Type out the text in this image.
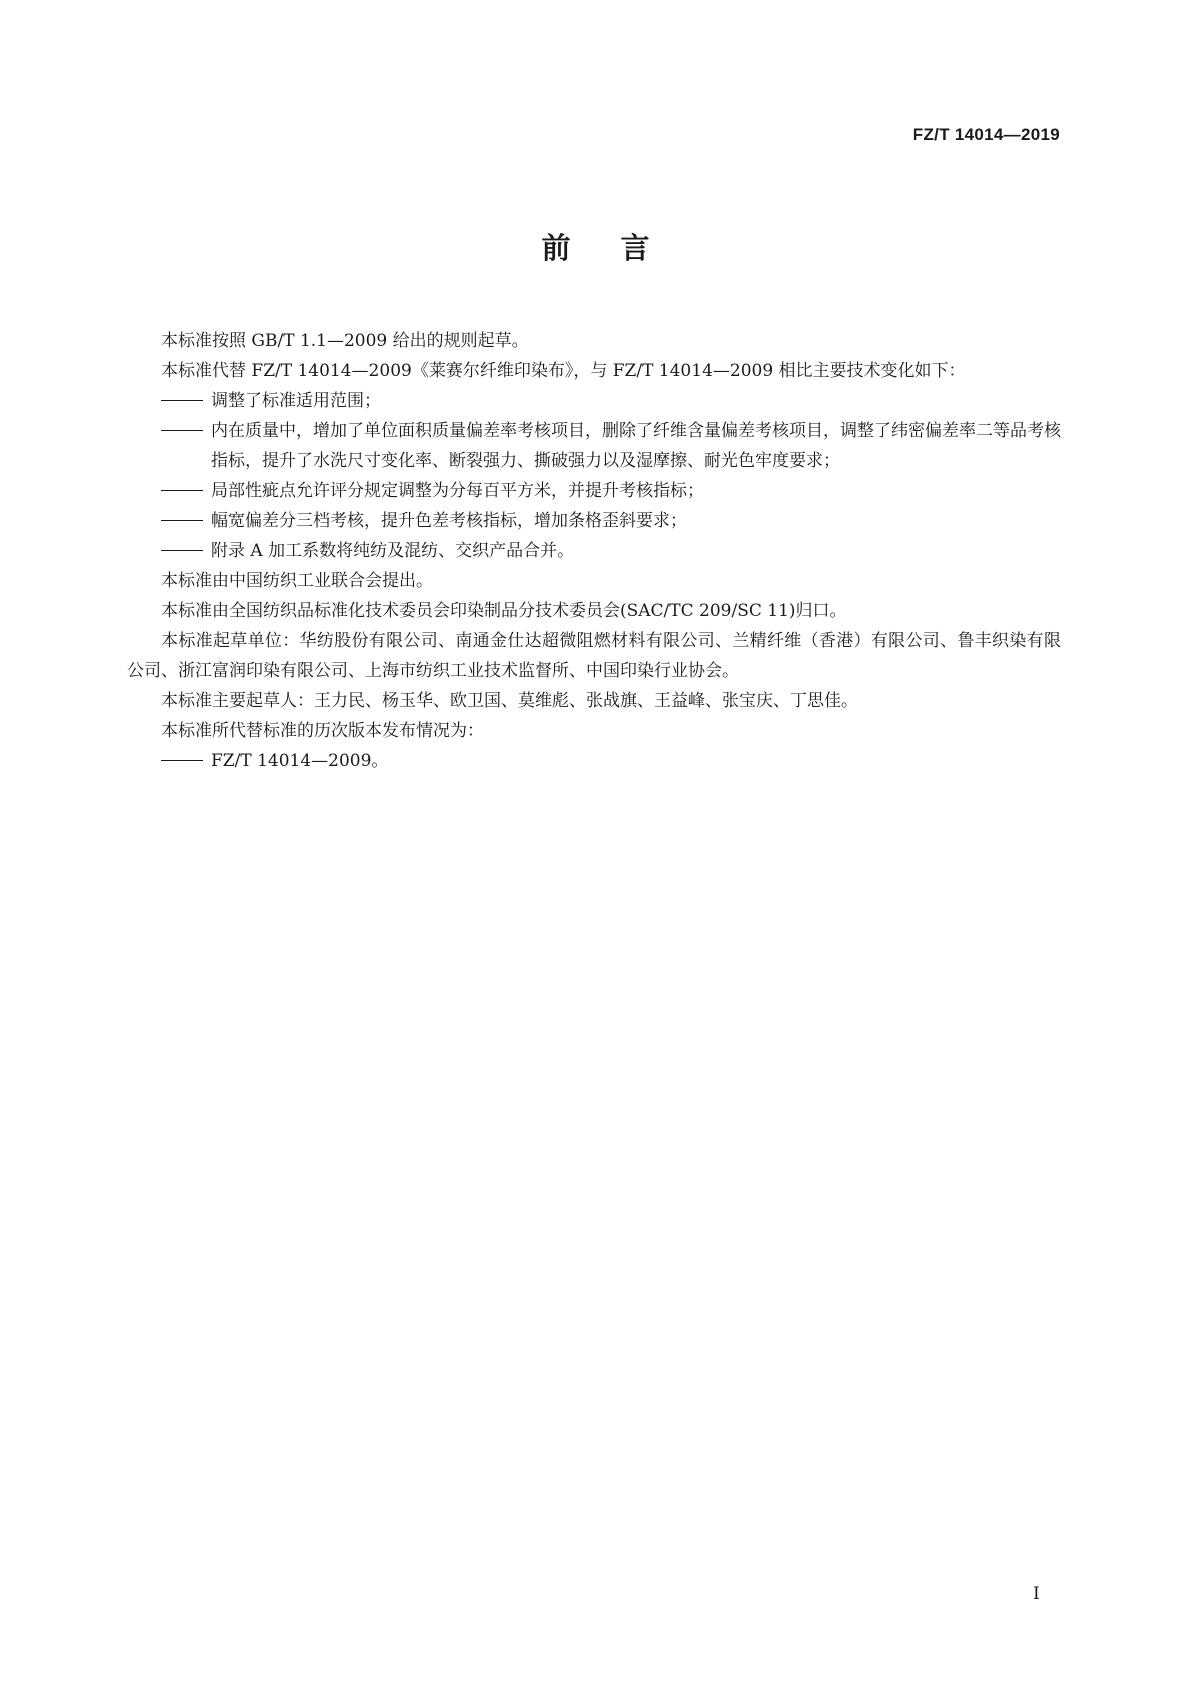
FZ/T 14014—2019
前言

本标准按照 GB/T 1.1—2009 给出的规则起草。

本标准代替 FZ/T 14014—2009《莱赛尔纤维印染布》，与 FZ/T 14014—2009 相比主要技术变化如下：

调整了标准适用范围；
内在质量中，增加了单位面积质量偏差率考核项目，删除了纤维含量偏差考核项目，调整了纬密偏差率二等品考核指标，提升了水洗尺寸变化率、断裂强力、撕破强力以及湿摩擦、耐光色牢度要求；
局部性疵点允许评分规定调整为分每百平方米，并提升考核指标；
幅宽偏差分三档考核，提升色差考核指标，增加条格歪斜要求；
附录 A 加工系数将纯纺及混纺、交织产品合并。

本标准由中国纺织工业联合会提出。

本标准由全国纺织品标准化技术委员会印染制品分技术委员会(SAC/TC 209/SC 11)归口。

本标准起草单位：华纺股份有限公司、南通金仕达超微阻燃材料有限公司、兰精纤维（香港）有限公司、鲁丰织染有限公司、浙江富润印染有限公司、上海市纺织工业技术监督所、中国印染行业协会。

本标准主要起草人：王力民、杨玉华、欧卫国、莫维彪、张战旗、王益峰、张宝庆、丁思佳。

本标准所代替标准的历次版本发布情况为：

FZ/T 14014—2009。
I
